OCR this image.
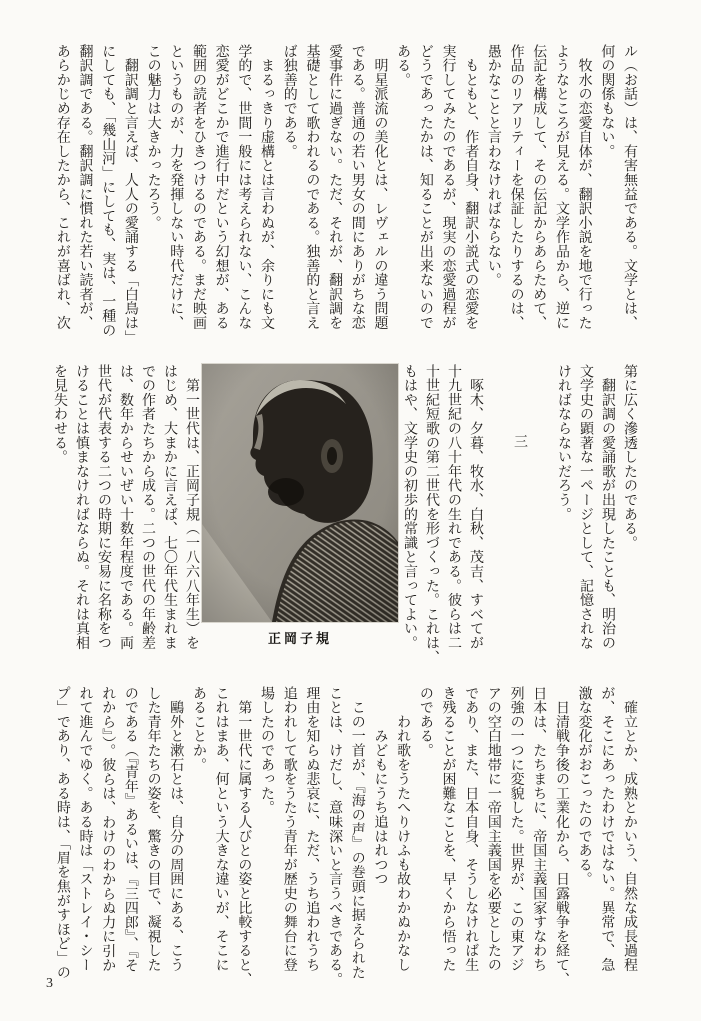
ル（お話）は、有害無益である。文学とは、
何の関係もない。
　牧水の恋愛自体が、翻訳小説を地で行った
ようなところが見える。文学作品から、逆に
伝記を構成して、その伝記からあらためて、
作品のリアリティーを保証したりするのは、
愚かなことと言わなければならない。
　もともと、作者自身、翻訳小説式の恋愛を
実行してみたのであるが、現実の恋愛過程が
どうであったかは、知ることが出来ないので
ある。
　明星派流の美化とは、レヴェルの違う問題
である。普通の若い男女の間にありがちな恋
愛事件に過ぎない。ただ、それが、翻訳調を
基礎として歌われるのである。独善的と言え
ば独善的である。
　まるっきり虚構とは言わぬが、余りにも文
学的で、世間一般には考えられない、こんな
恋愛がどこかで進行中だという幻想が、ある
範囲の読者をひきつけるのである。まだ映画
というものが、力を発揮しない時代だけに、
この魅力は大きかったろう。
　翻訳調と言えば、人人の愛誦する「白鳥は」
にしても、「幾山河」にしても、実は、一種の
翻訳調である。翻訳調に慣れた若い読者が、
あらかじめ存在したから、これが喜ばれ、次
第に広く滲透したのである。
　翻訳調の愛誦歌が出現したことも、明治の
文学史の顕著な一ページとして、記憶されな
ければならないだろう。
三
　啄木、夕暮、牧水、白秋、茂吉、すべてが
十九世紀の八十年代の生れである。彼らは二
十世紀短歌の第二世代を形づくった。これは、
もはや、文学史の初歩的常識と言ってよい。
正岡子規
　第一世代は、正岡子規（一八六八年生）を
はじめ、大まかに言えば、七〇年代生まれま
での作者たちから成る。二つの世代の年齢差
は、数年からせいぜい十数年程度である。両
世代が代表する二つの時期に安易に名称をつ
けることは慎まなければならぬ。それは真相
を見失わせる。
　確立とか、成熟とかいう、自然な成長過程
が、そこにあったわけではない。異常で、急
激な変化がおこったのである。
　日清戦争後の工業化から、日露戦争を経て、
日本は、たちまちに、帝国主義国家すなわち
列強の一つに変貌した。世界が、この東アジ
アの空白地帯に一帝国主義国を必要としたの
であり、また、日本自身、そうしなければ生
き残ることが困難なことを、早くから悟った
のである。
　　われ歌をうたへりけふも故わかぬかなし
　　　みどもにうち追はれつつ
　この一首が、『海の声』の巻頭に据えられた
ことは、けだし、意味深いと言うべきである。
理由を知らぬ悲哀に、ただ、うち追われうち
追われして歌をうたう青年が歴史の舞台に登
場したのであった。
　第一世代に属する人びとの姿と比較すると、
これはまあ、何という大きな違いが、そこに
あることか。
　鷗外と漱石とは、自分の周囲にある、こう
した青年たちの姿を、驚きの目で、凝視した
のである（『青年』あるいは、『三四郎』、『そ
れから』）。彼らは、わけのわからぬ力に引か
れて進んでゆく。ある時は「ストレイ・シー
プ」であり、ある時は、「眉を焦がすほど」の
3
